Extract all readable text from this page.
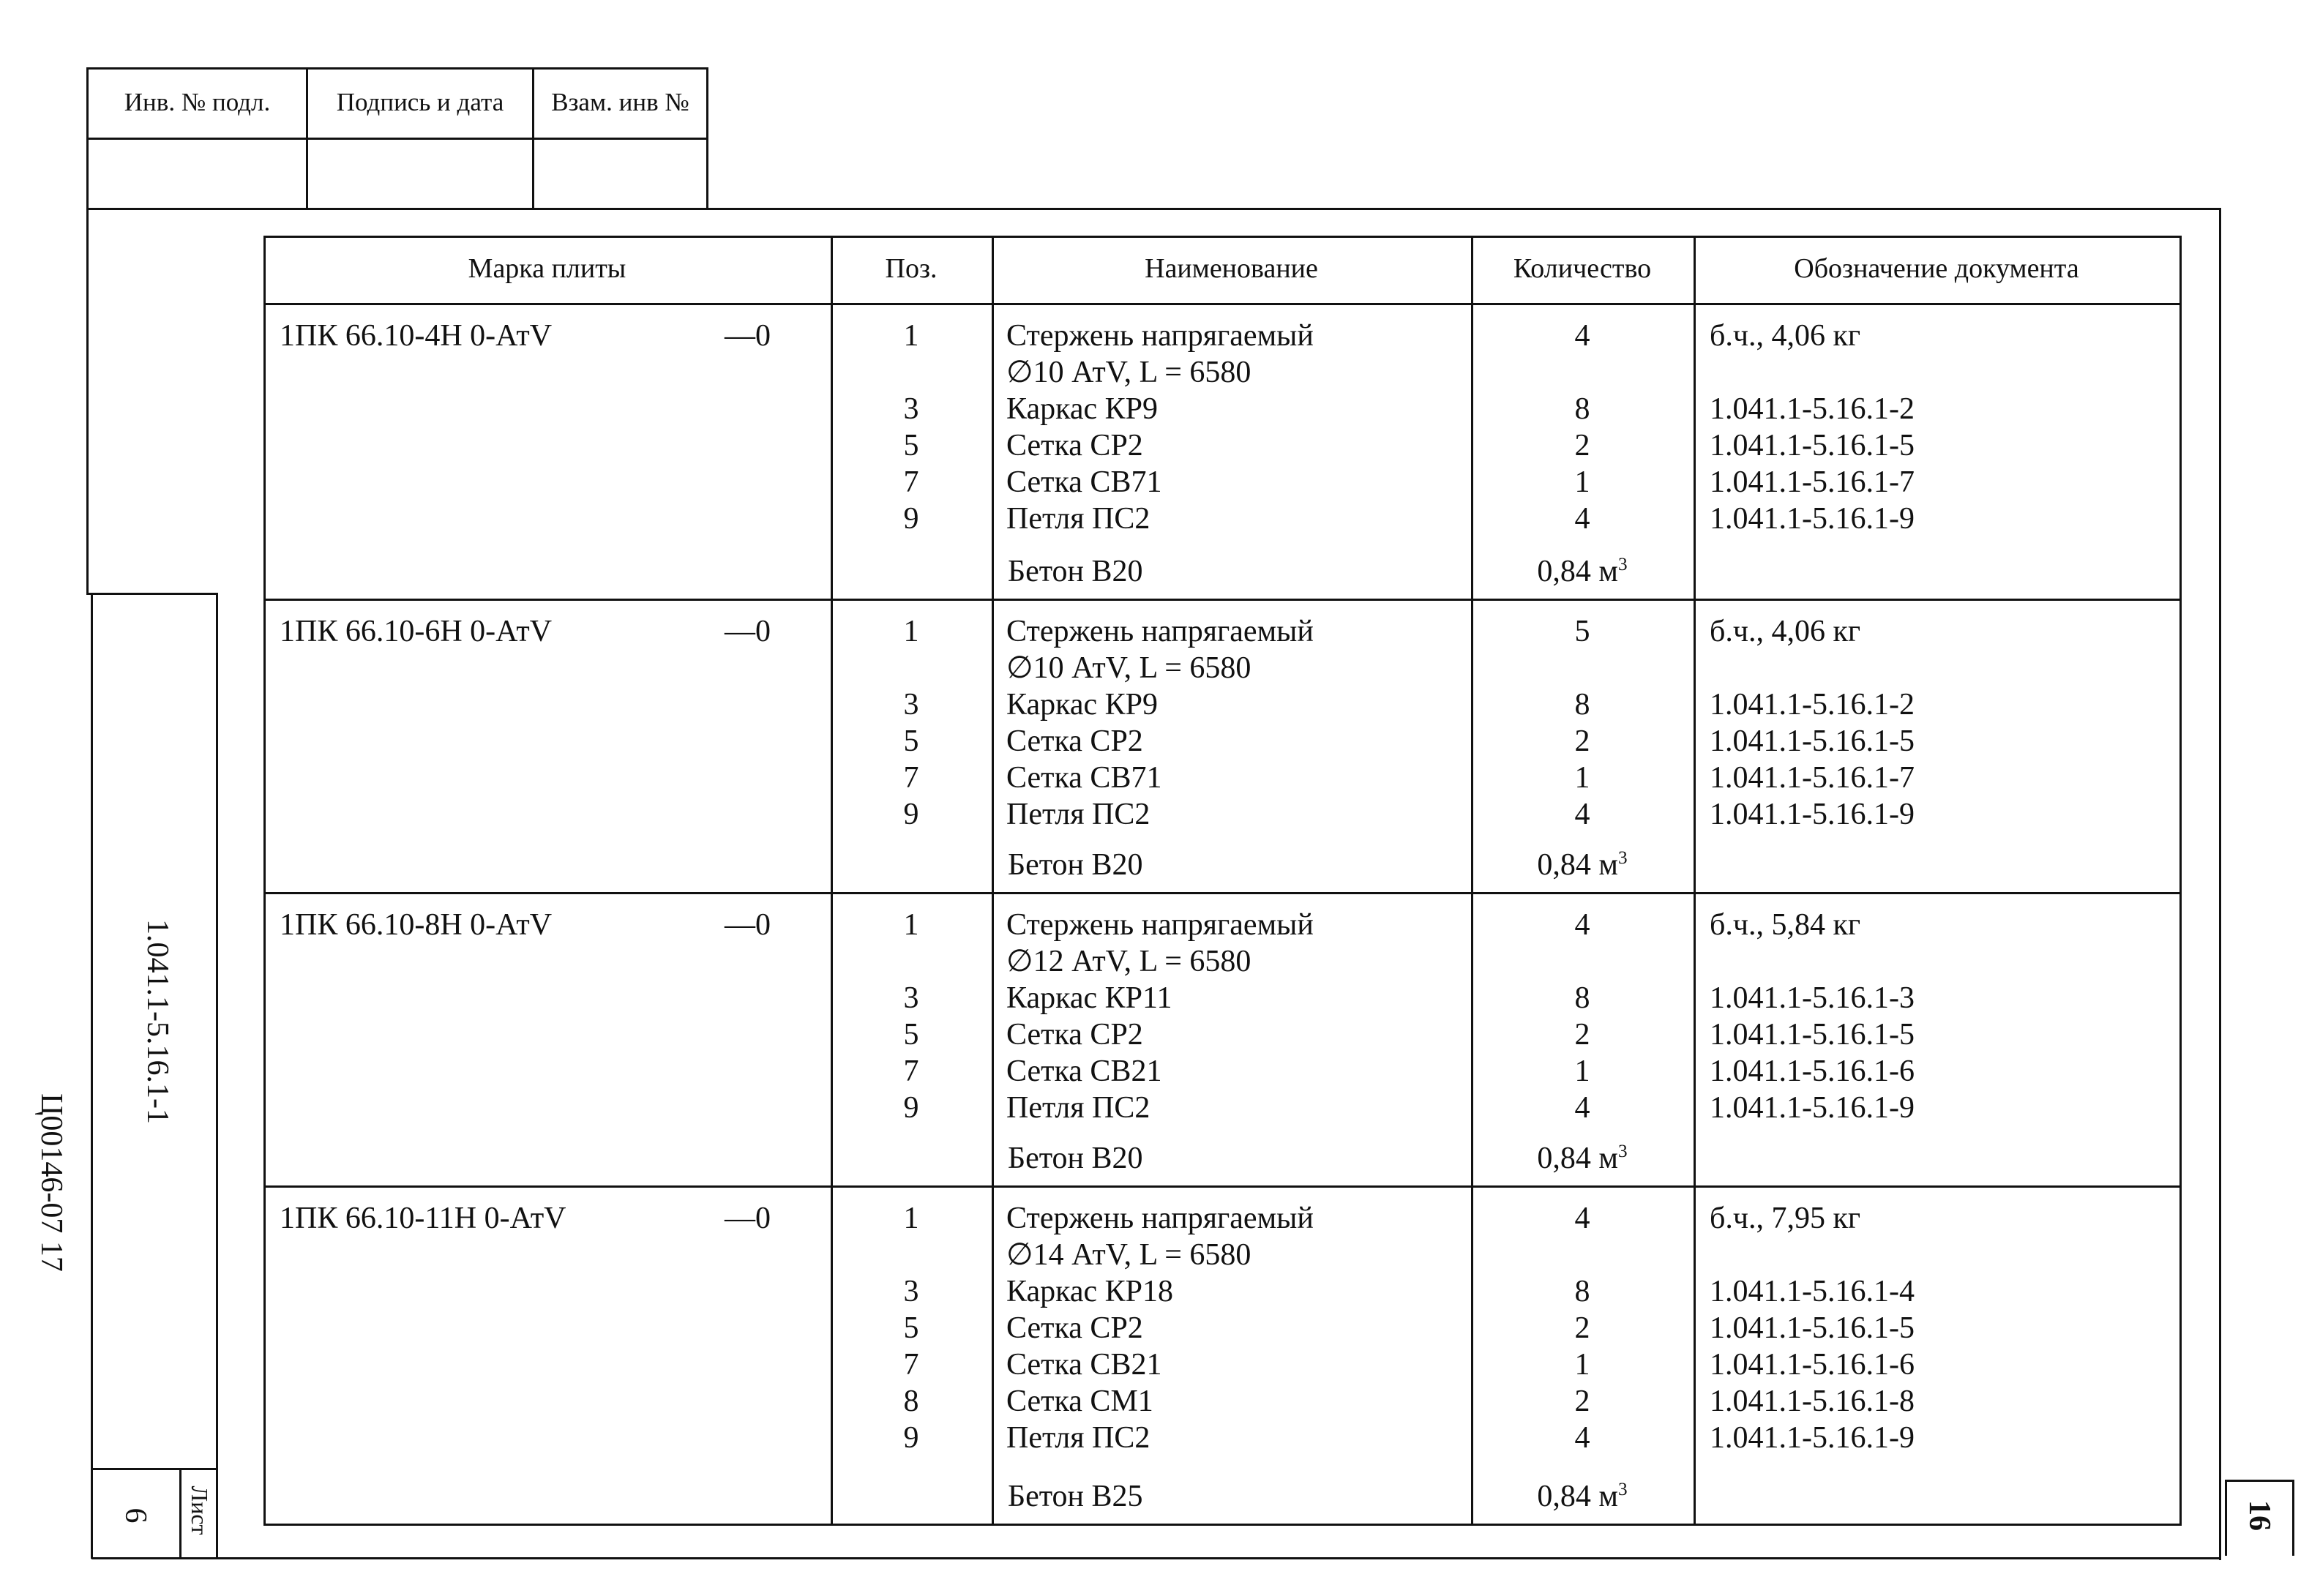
Инв. № подл.	Подпись и дата	Взам. инв №
1.041.1-5.16.1-1
Ц00146-07 17
Лист
6	16
Марка плиты	Поз.	Наименование	Количество	Обозначение документа
1ПК 66.10-4Н 0-АтV	—0	1	Стержень напрягаемый	4	б.ч., 4,06 кг
∅10 АтV, L = 6580
3	Каркас КР9	8	1.041.1-5.16.1-2
5	Сетка СР2	2	1.041.1-5.16.1-5
7	Сетка СВ71	1	1.041.1-5.16.1-7
9	Петля ПС2	4	1.041.1-5.16.1-9
Бетон В20	0,84 $м^3$
1ПК 66.10-6Н 0-АтV	—0	1	Стержень напрягаемый	5	б.ч., 4,06 кг
∅10 АтV, L = 6580
3	Каркас КР9	8	1.041.1-5.16.1-2
5	Сетка СР2	2	1.041.1-5.16.1-5
7	Сетка СВ71	1	1.041.1-5.16.1-7
9	Петля ПС2	4	1.041.1-5.16.1-9
Бетон В20	0,84 $м^3$
1ПК 66.10-8Н 0-АтV	—0	1	Стержень напрягаемый	4	б.ч., 5,84 кг
∅12 АтV, L = 6580
3	Каркас КР11	8	1.041.1-5.16.1-3
5	Сетка СР2	2	1.041.1-5.16.1-5
7	Сетка СВ21	1	1.041.1-5.16.1-6
9	Петля ПС2	4	1.041.1-5.16.1-9
Бетон В20	0,84 $м^3$
1ПК 66.10-11Н 0-АтV	—0	1	Стержень напрягаемый	4	б.ч., 7,95 кг
∅14 АтV, L = 6580
3	Каркас КР18	8	1.041.1-5.16.1-4
5	Сетка СР2	2	1.041.1-5.16.1-5
7	Сетка СВ21	1	1.041.1-5.16.1-6
8	Сетка СМ1	2	1.041.1-5.16.1-8
9	Петля ПС2	4	1.041.1-5.16.1-9
Бетон В25	0,84 $м^3$
